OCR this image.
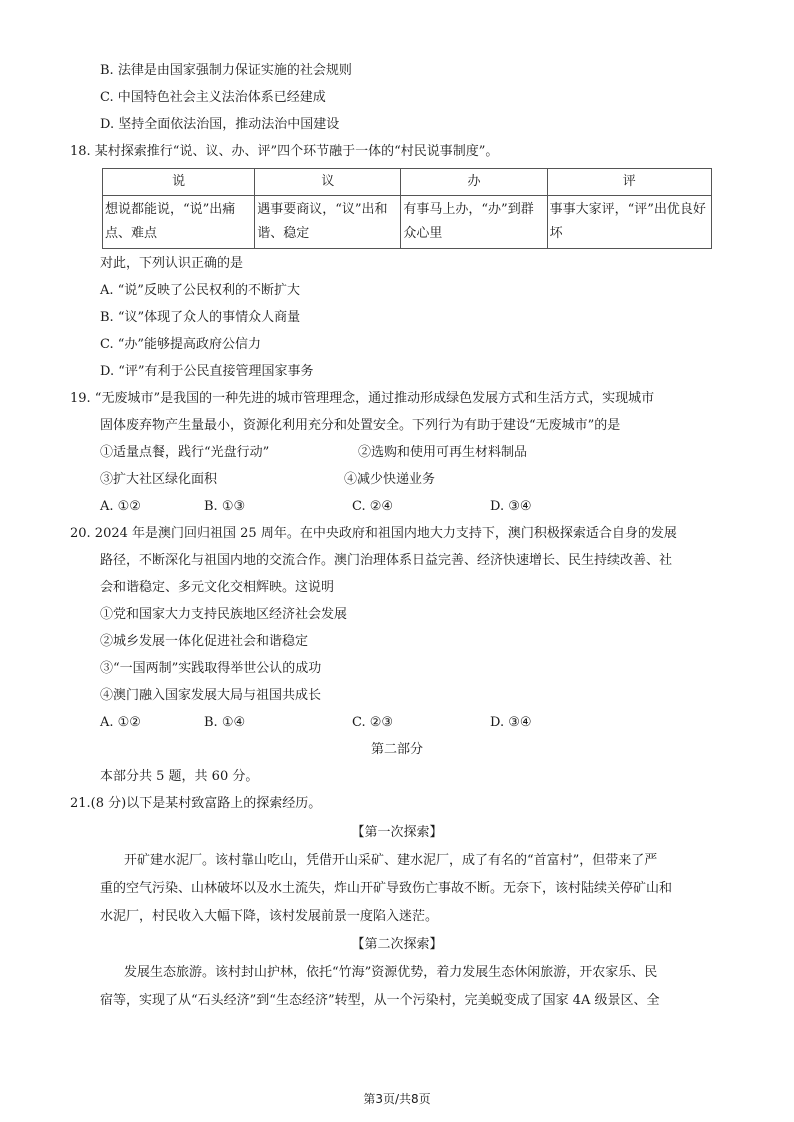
B. 法律是由国家强制力保证实施的社会规则
C. 中国特色社会主义法治体系已经建成
D. 坚持全面依法治国，推动法治中国建设
18. 某村探索推行“说、议、办、评”四个环节融于一体的“村民说事制度”。
说	议	办	评
想说都能说，“说”出痛点、难点	遇事要商议，“议”出和谐、稳定	有事马上办，“办”到群众心里	事事大家评，“评”出优良好坏
对此，下列认识正确的是
A. “说”反映了公民权利的不断扩大
B. “议”体现了众人的事情众人商量
C. “办”能够提高政府公信力
D. “评”有利于公民直接管理国家事务
19. “无废城市”是我国的一种先进的城市管理理念，通过推动形成绿色发展方式和生活方式，实现城市
固体废弃物产生量最小，资源化利用充分和处置安全。下列行为有助于建设“无废城市”的是
①适量点餐，践行“光盘行动”	②选购和使用可再生材料制品
③扩大社区绿化面积	④减少快递业务
A. ①②	B. ①③	C. ②④	D. ③④
20. 2024 年是澳门回归祖国 25 周年。在中央政府和祖国内地大力支持下，澳门积极探索适合自身的发展
路径，不断深化与祖国内地的交流合作。澳门治理体系日益完善、经济快速增长、民生持续改善、社
会和谐稳定、多元文化交相辉映。这说明
①党和国家大力支持民族地区经济社会发展
②城乡发展一体化促进社会和谐稳定
③“一国两制”实践取得举世公认的成功
④澳门融入国家发展大局与祖国共成长
A. ①②	B. ①④	C. ②③	D. ③④
第二部分
本部分共 5 题，共 60 分。
21.(8 分)以下是某村致富路上的探索经历。
【第一次探索】
开矿建水泥厂。该村靠山吃山，凭借开山采矿、建水泥厂，成了有名的“首富村”，但带来了严
重的空气污染、山林破坏以及水土流失，炸山开矿导致伤亡事故不断。无奈下，该村陆续关停矿山和
水泥厂，村民收入大幅下降，该村发展前景一度陷入迷茫。
【第二次探索】
发展生态旅游。该村封山护林，依托“竹海”资源优势，着力发展生态休闲旅游，开农家乐、民
宿等，实现了从“石头经济”到“生态经济”转型，从一个污染村，完美蜕变成了国家 4A 级景区、全
第3页/共8页
